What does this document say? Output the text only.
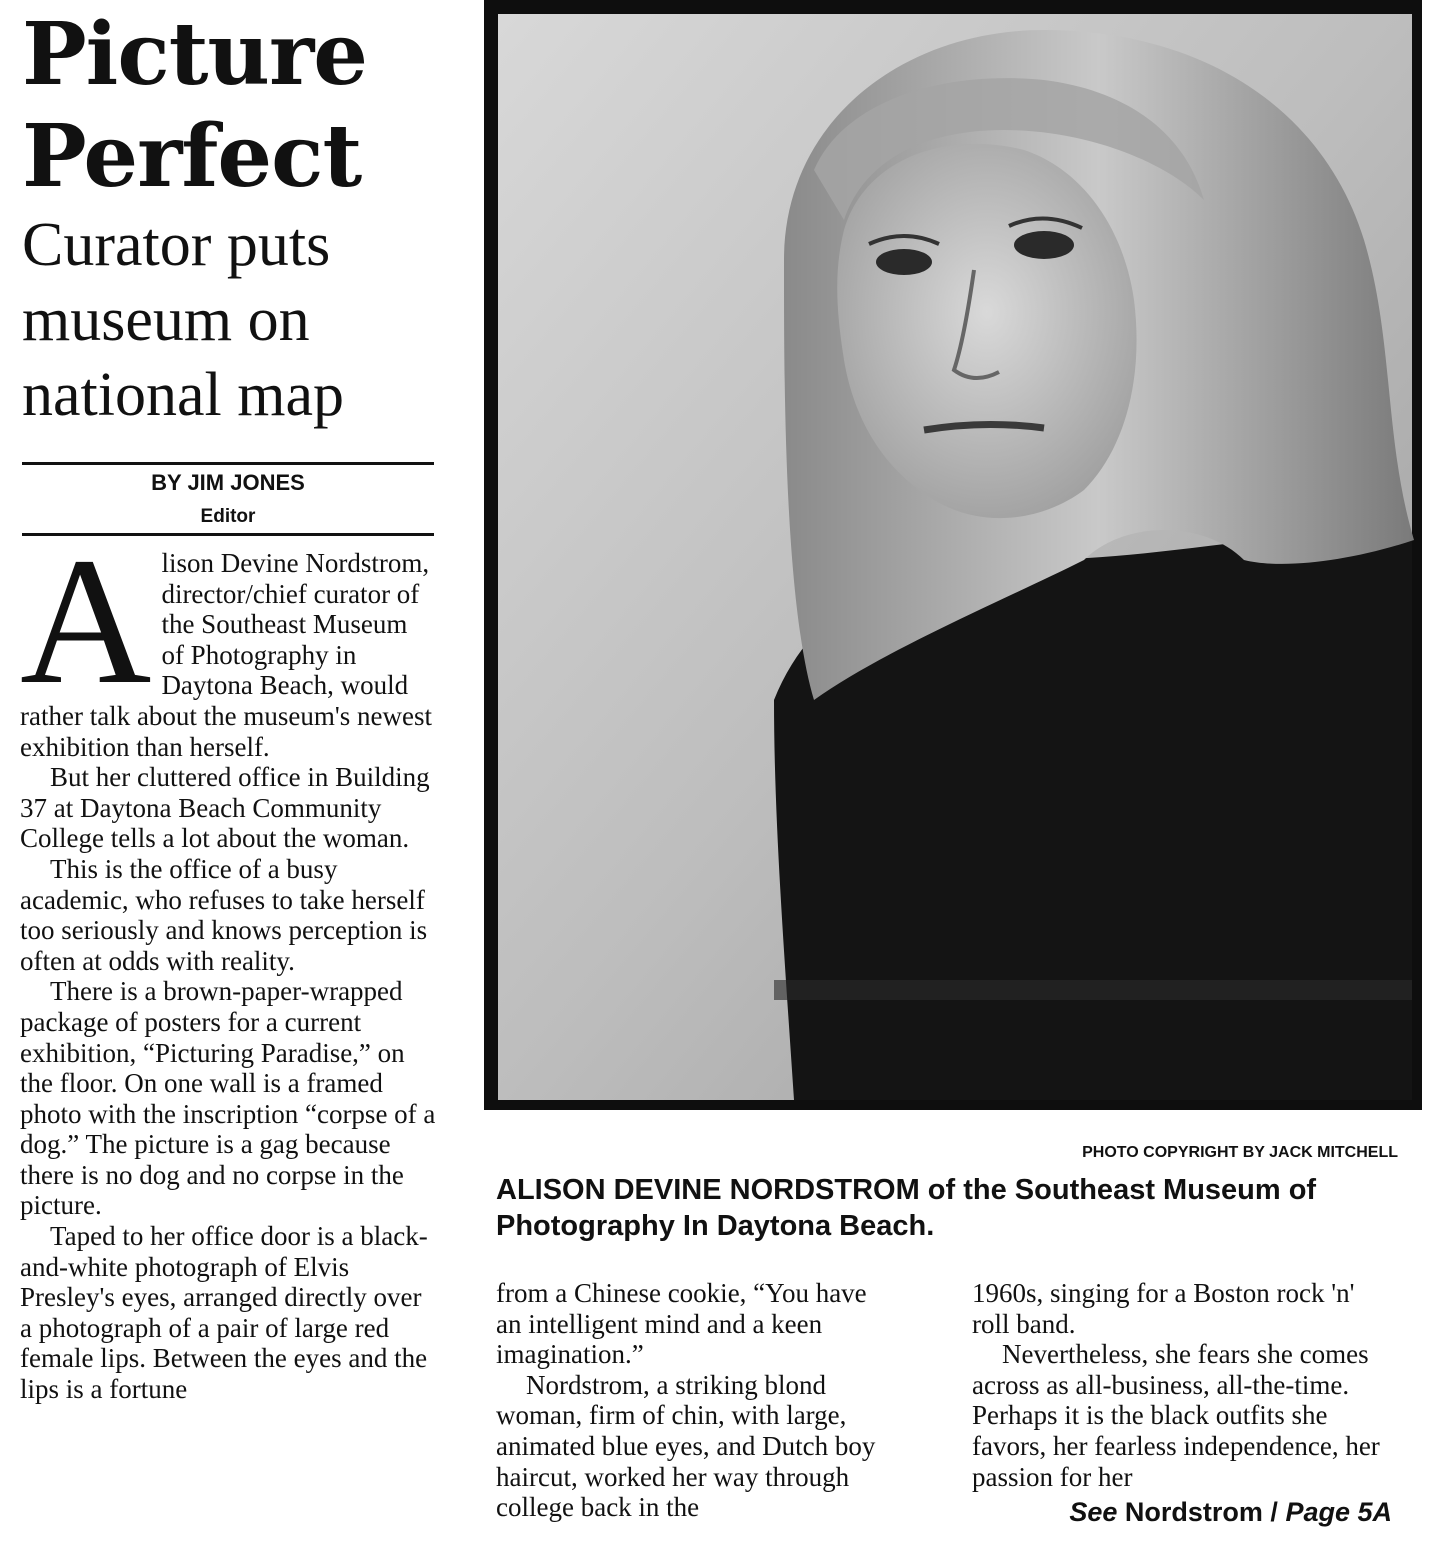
Picture
Perfect
Curator puts
museum on
national map
BY JIM JONES
Editor

Alison Devine Nordstrom, director/chief curator of the Southeast Museum of Photography in Daytona Beach, would rather talk about the museum's newest exhibition than herself.

But her cluttered office in Building 37 at Daytona Beach Community College tells a lot about the woman.

This is the office of a busy academic, who refuses to take herself too seriously and knows perception is often at odds with reality.

There is a brown-paper-wrapped package of posters for a current exhibition, “Picturing Paradise,” on the floor. On one wall is a framed photo with the inscription “corpse of a dog.” The picture is a gag because there is no dog and no corpse in the picture.

Taped to her office door is a black-and-white photograph of Elvis Presley's eyes, arranged directly over a photograph of a pair of large red female lips. Between the eyes and the lips is a fortune

PHOTO COPYRIGHT BY JACK MITCHELL

ALISON DEVINE NORDSTROM of the Southeast Museum of Photography In Daytona Beach.

from a Chinese cookie, “You have an intelligent mind and a keen imagination.”

Nordstrom, a striking blond woman, firm of chin, with large, animated blue eyes, and Dutch boy haircut, worked her way through college back in the

1960s, singing for a Boston rock 'n' roll band.

Nevertheless, she fears she comes across as all-business, all-the-time. Perhaps it is the black outfits she favors, her fearless independence, her passion for her

See Nordstrom / Page 5A
